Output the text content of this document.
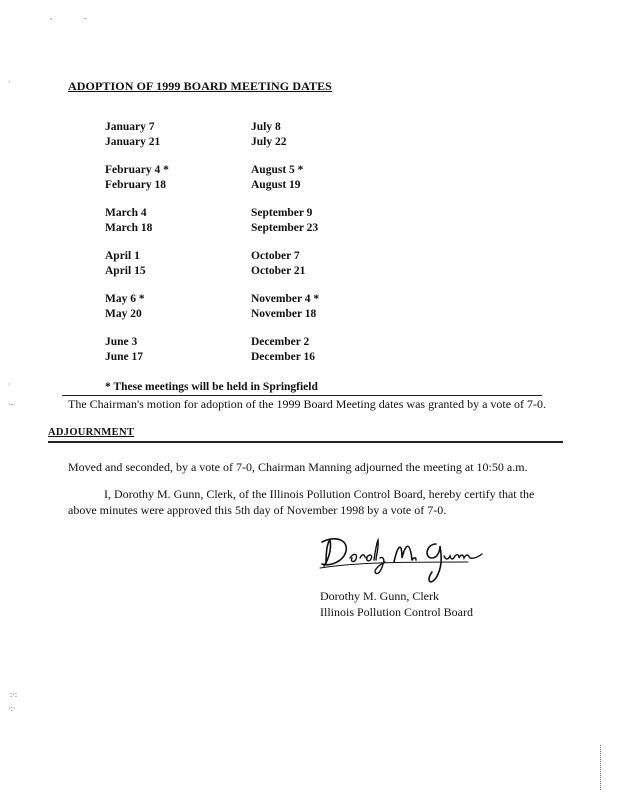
,	-
·
·
·-
ADOPTION OF 1999 BOARD MEETING DATES
January 7
January 21
February 4 *
February 18
March 4
March 18
April 1
April 15
May 6 *
May 20
June 3
June 17
July 8
July 22
August 5 *
August 19
September 9
September 23
October 7
October 21
November 4 *
November 18
December 2
December 16
* These meetings will be held in Springfield
The Chairman's motion for adoption of the 1999 Board Meeting dates was granted by a vote of 7-0.
ADJOURNMENT
Moved and seconded, by a vote of 7-0, Chairman Manning adjourned the meeting at 10:50 a.m.
I, Dorothy M. Gunn, Clerk, of the Illinois Pollution Control Board, hereby certify that the above minutes were approved this 5th day of November 1998 by a vote of 7-0.
Dorothy M. Gunn, Clerk
Illinois Pollution Control Board
:·:
·:·
